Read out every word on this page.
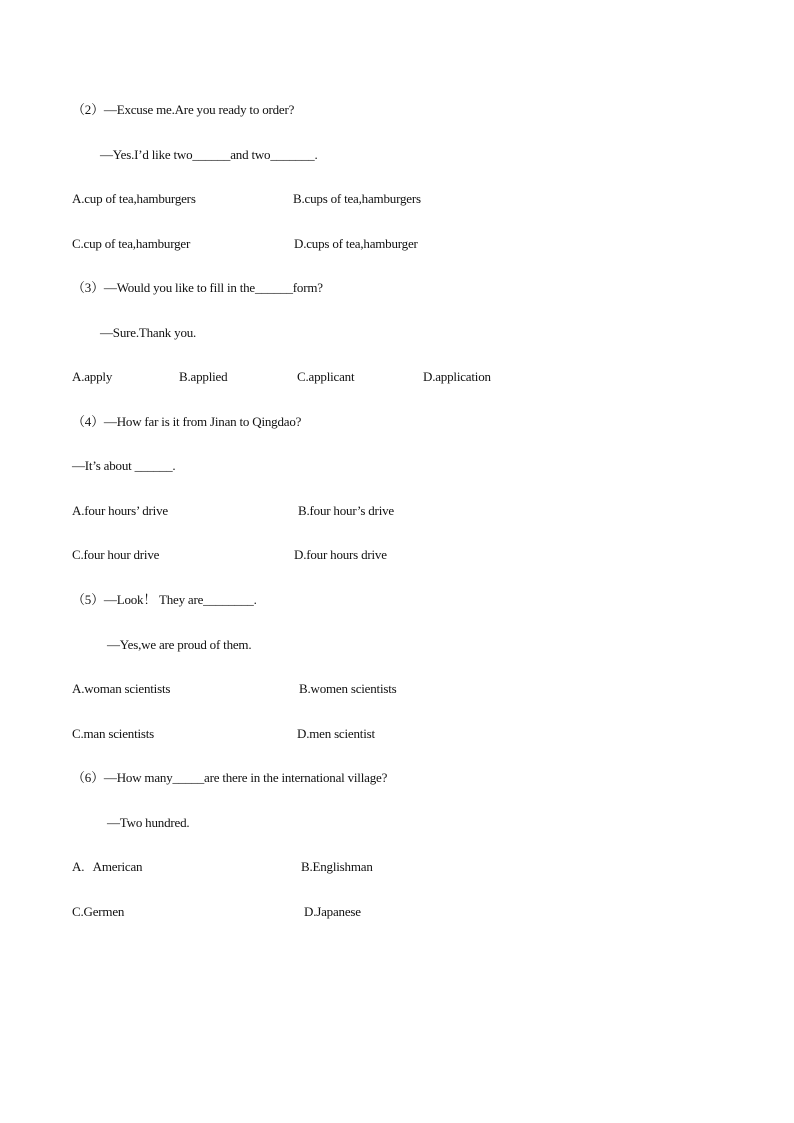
（2）—Excuse me.Are you ready to order?
—Yes.I’d like two______and two_______.
A.cup of tea,hamburgers	B.cups of tea,hamburgers
C.cup of tea,hamburger	D.cups of tea,hamburger
（3）—Would you like to fill in the______form?
—Sure.Thank you.
A.apply	B.applied	C.applicant	D.application
（4）—How far is it from Jinan to Qingdao?
—It’s about ______.
A.four hours’ drive	B.four hour’s drive
C.four hour drive	D.four hours drive
（5）—Look！ They are________.
—Yes,we are proud of them.
A.woman scientists	B.women scientists
C.man scientists	D.men scientist
（6）—How many_____are there in the international village?
—Two hundred.
A.   American	B.Englishman
C.Germen	D.Japanese
